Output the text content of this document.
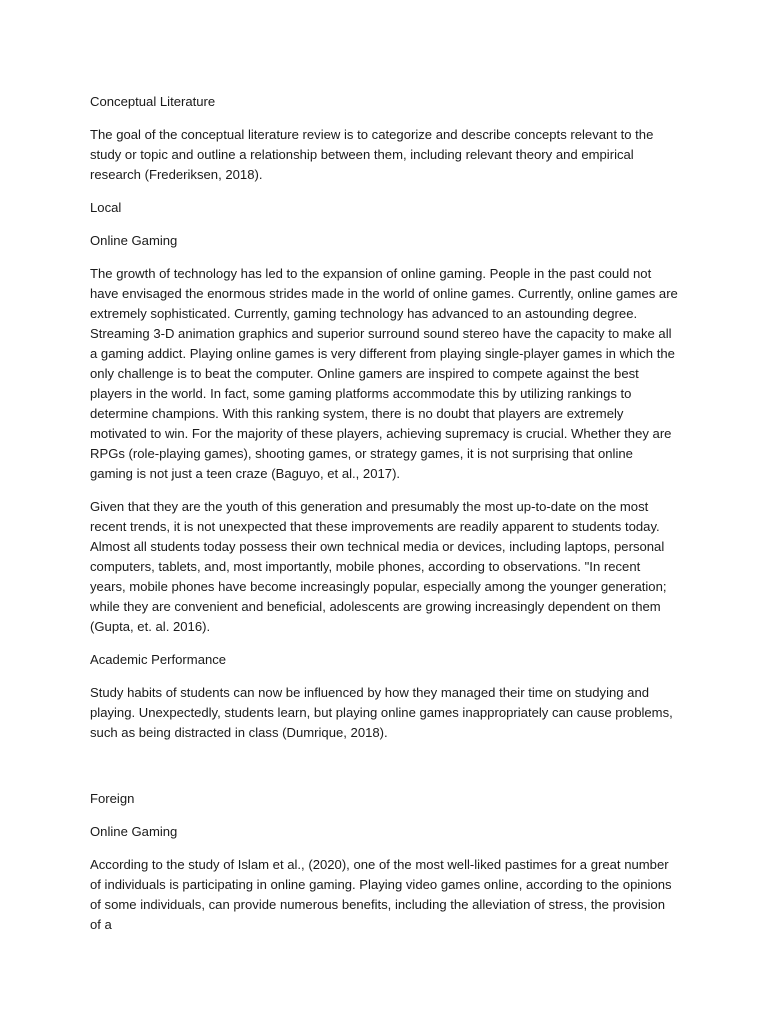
Conceptual Literature

The goal of the conceptual literature review is to categorize and describe concepts relevant to the study or topic and outline a relationship between them, including relevant theory and empirical research (Frederiksen, 2018).

Local

Online Gaming

The growth of technology has led to the expansion of online gaming. People in the past could not have envisaged the enormous strides made in the world of online games. Currently, online games are extremely sophisticated. Currently, gaming technology has advanced to an astounding degree. Streaming 3-D animation graphics and superior surround sound stereo have the capacity to make all a gaming addict. Playing online games is very different from playing single-player games in which the only challenge is to beat the computer. Online gamers are inspired to compete against the best players in the world. In fact, some gaming platforms accommodate this by utilizing rankings to determine champions. With this ranking system, there is no doubt that players are extremely motivated to win. For the majority of these players, achieving supremacy is crucial. Whether they are RPGs (role-playing games), shooting games, or strategy games, it is not surprising that online gaming is not just a teen craze (Baguyo, et al., 2017).

Given that they are the youth of this generation and presumably the most up-to-date on the most recent trends, it is not unexpected that these improvements are readily apparent to students today. Almost all students today possess their own technical media or devices, including laptops, personal computers, tablets, and, most importantly, mobile phones, according to observations. "In recent years, mobile phones have become increasingly popular, especially among the younger generation; while they are convenient and beneficial, adolescents are growing increasingly dependent on them (Gupta, et. al. 2016).

Academic Performance

Study habits of students can now be influenced by how they managed their time on studying and playing. Unexpectedly, students learn, but playing online games inappropriately can cause problems, such as being distracted in class (Dumrique, 2018).

Foreign

Online Gaming

According to the study of Islam et al., (2020), one of the most well-liked pastimes for a great number of individuals is participating in online gaming. Playing video games online, according to the opinions of some individuals, can provide numerous benefits, including the alleviation of stress, the provision of a
